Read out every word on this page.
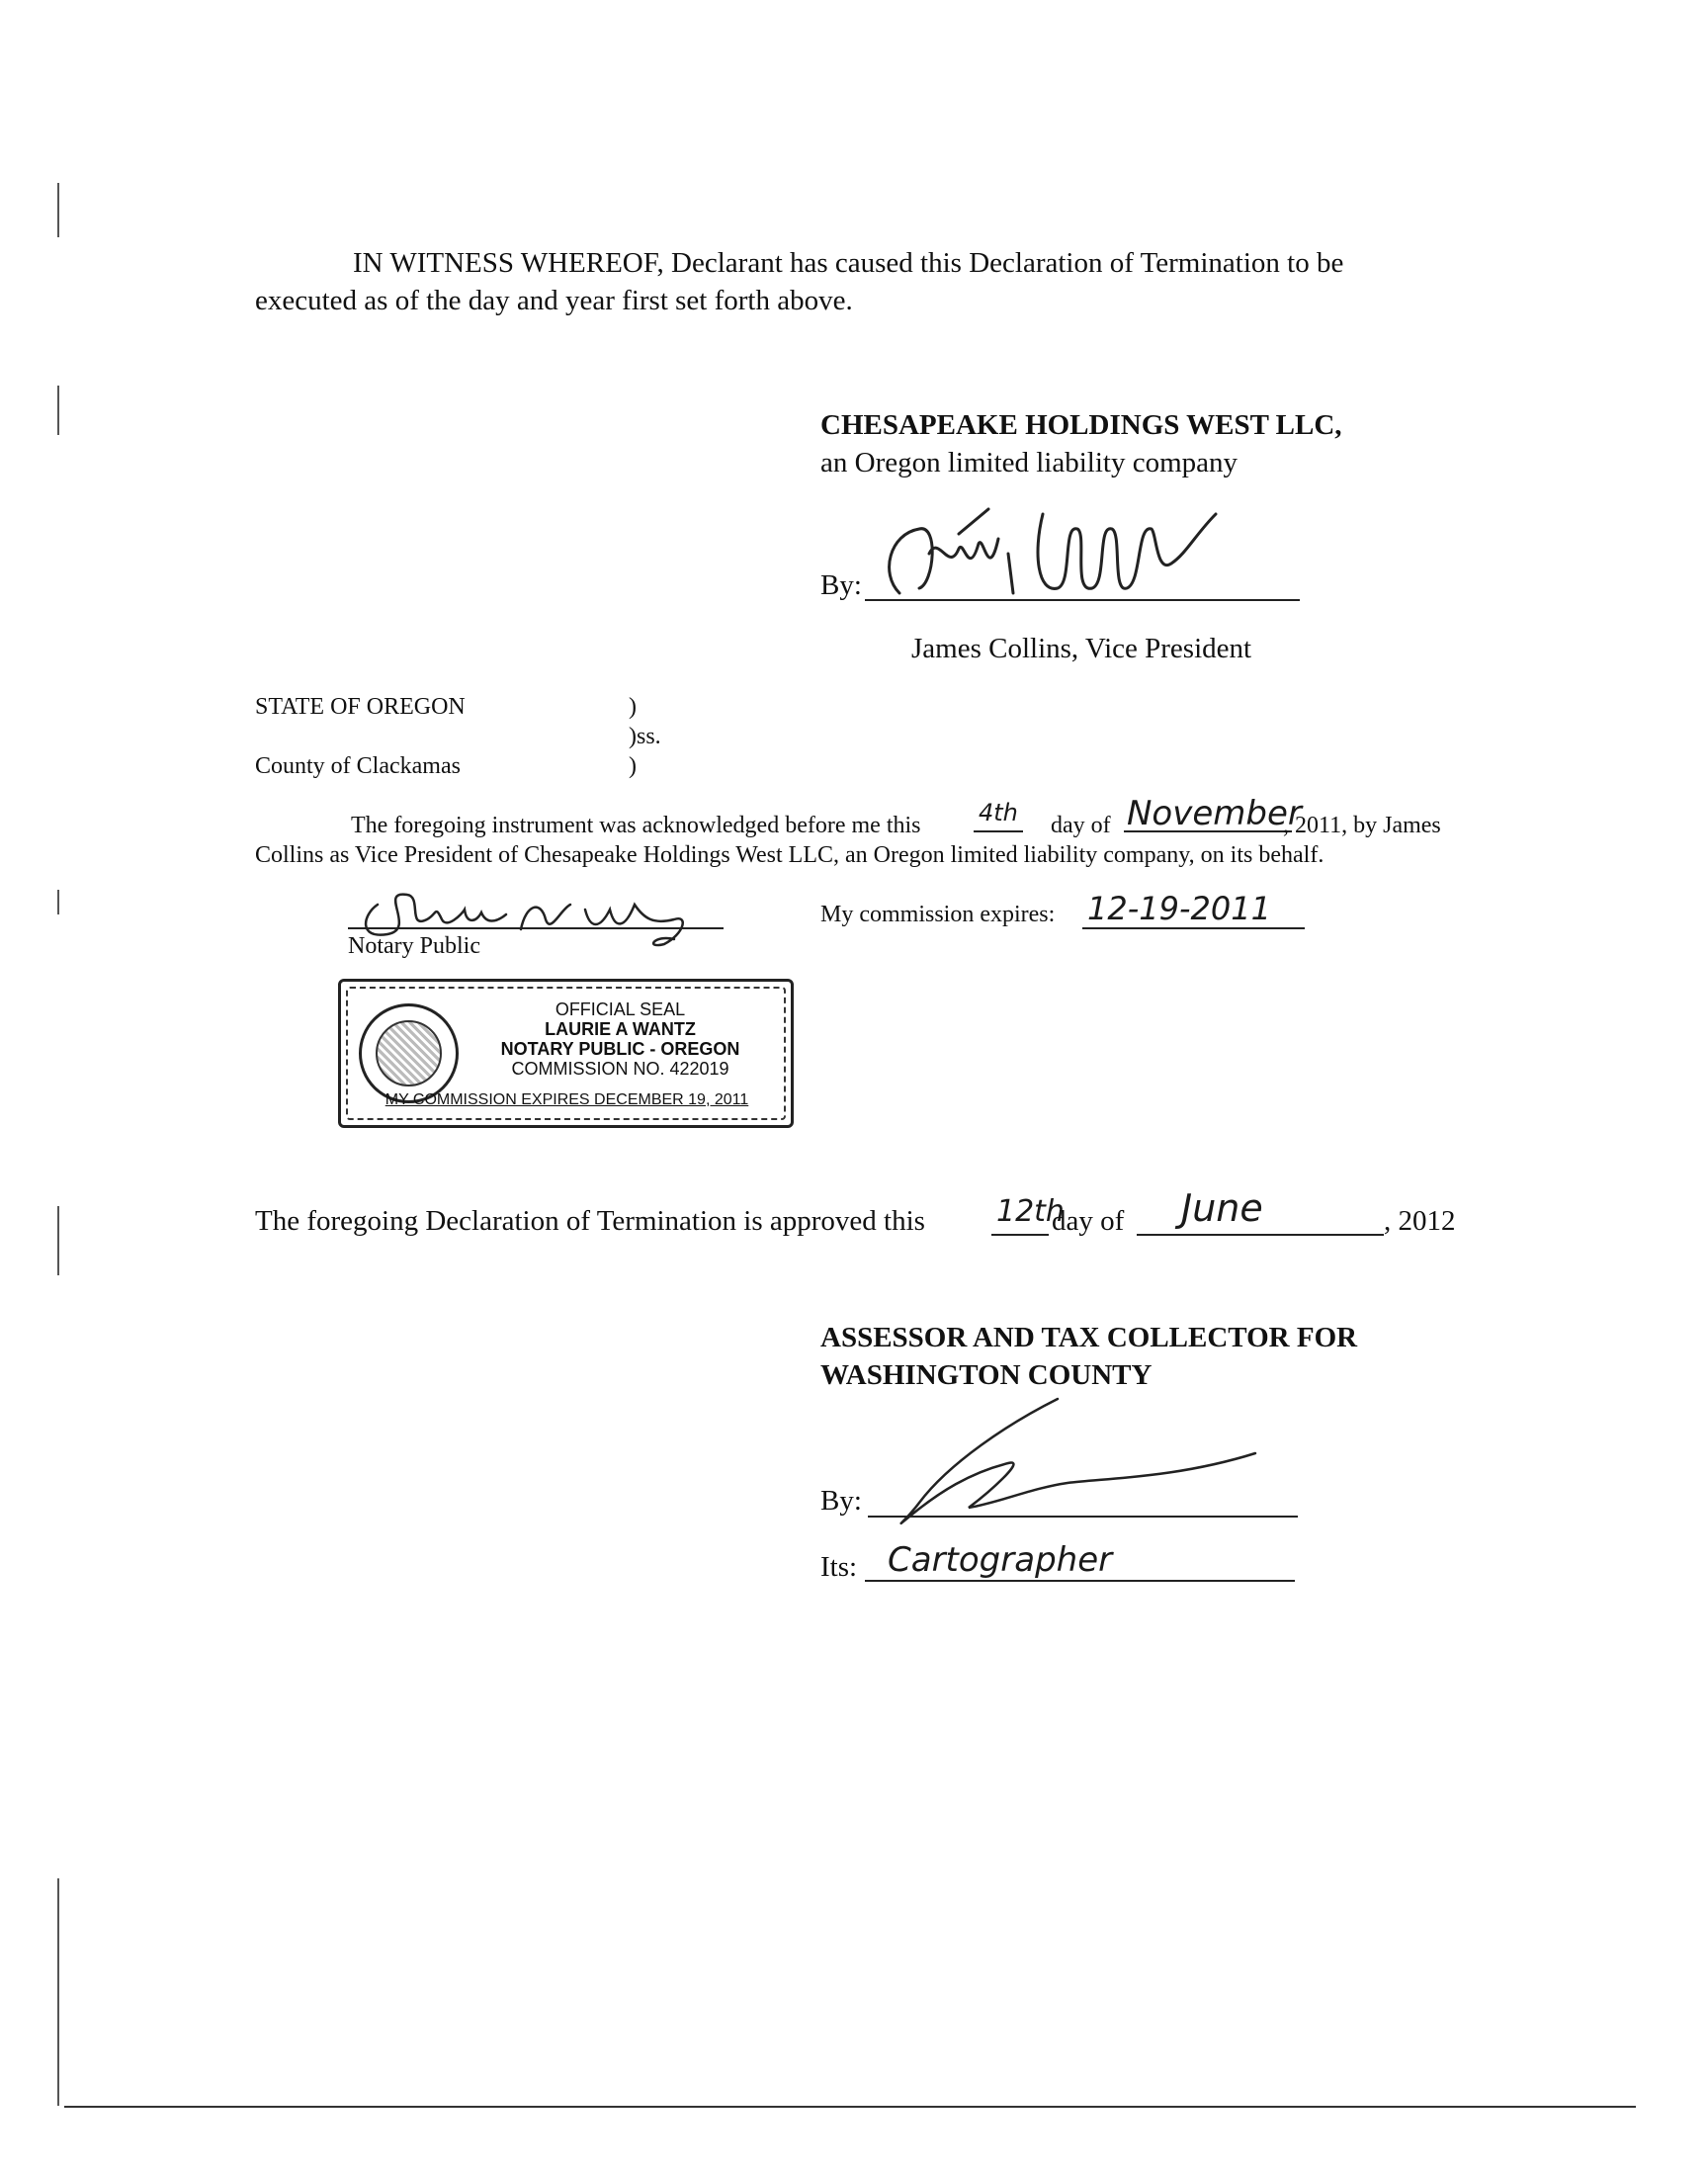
IN WITNESS WHEREOF, Declarant has caused this Declaration of Termination to be
executed as of the day and year first set forth above.
CHESAPEAKE HOLDINGS WEST LLC,
an Oregon limited liability company
By:
James Collins, Vice President
STATE OF OREGON	)
)ss.
County of Clackamas	)
The foregoing instrument was acknowledged before me this 4th day of November
, 2011, by James
Collins as Vice President of Chesapeake Holdings West LLC, an Oregon limited liability company, on its behalf.
Notary Public
My commission expires: 12-19-2011
OFFICIAL SEAL
LAURIE A WANTZ
NOTARY PUBLIC - OREGON
COMMISSION NO. 422019
MY COMMISSION EXPIRES DECEMBER 19, 2011
The foregoing Declaration of Termination is approved this 12th
day of June	, 2012
ASSESSOR AND TAX COLLECTOR FOR
WASHINGTON COUNTY
By:
Its: Cartographer
